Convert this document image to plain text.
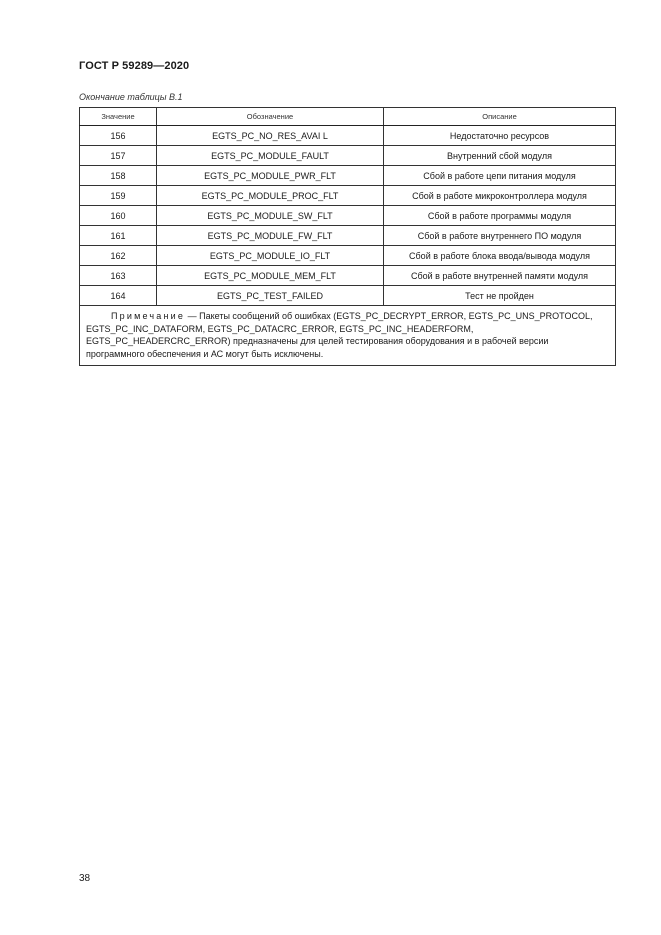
ГОСТ Р 59289—2020
Окончание таблицы В.1
Значение	Обозначение	Описание
156	EGTS_PC_NO_RES_AVAI L	Недостаточно ресурсов
157	EGTS_PC_MODULE_FAULT	Внутренний сбой модуля
158	EGTS_PC_MODULE_PWR_FLT	Сбой в работе цепи питания модуля
159	EGTS_PC_MODULE_PROC_FLT	Сбой в работе микроконтроллера модуля
160	EGTS_PC_MODULE_SW_FLT	Сбой в работе программы модуля
161	EGTS_PC_MODULE_FW_FLT	Сбой в работе внутреннего ПО модуля
162	EGTS_PC_MODULE_IO_FLT	Сбой в работе блока ввода/вывода модуля
163	EGTS_PC_MODULE_MEM_FLT	Сбой в работе внутренней памяти модуля
164	EGTS_PC_TEST_FAILED	Тест не пройден
Примечание — Пакеты сообщений об ошибках (EGTS_PC_DECRYPT_ERROR, EGTS_PC_UNS_PROTOCOL, EGTS_PC_INC_DATAFORM, EGTS_PC_DATACRC_ERROR, EGTS_PC_INC_HEADERFORM, EGTS_PC_HEADERCRC_ERROR) предназначены для целей тестирования оборудования и в рабочей версии программного обеспечения и АС могут быть исключены.		
38
